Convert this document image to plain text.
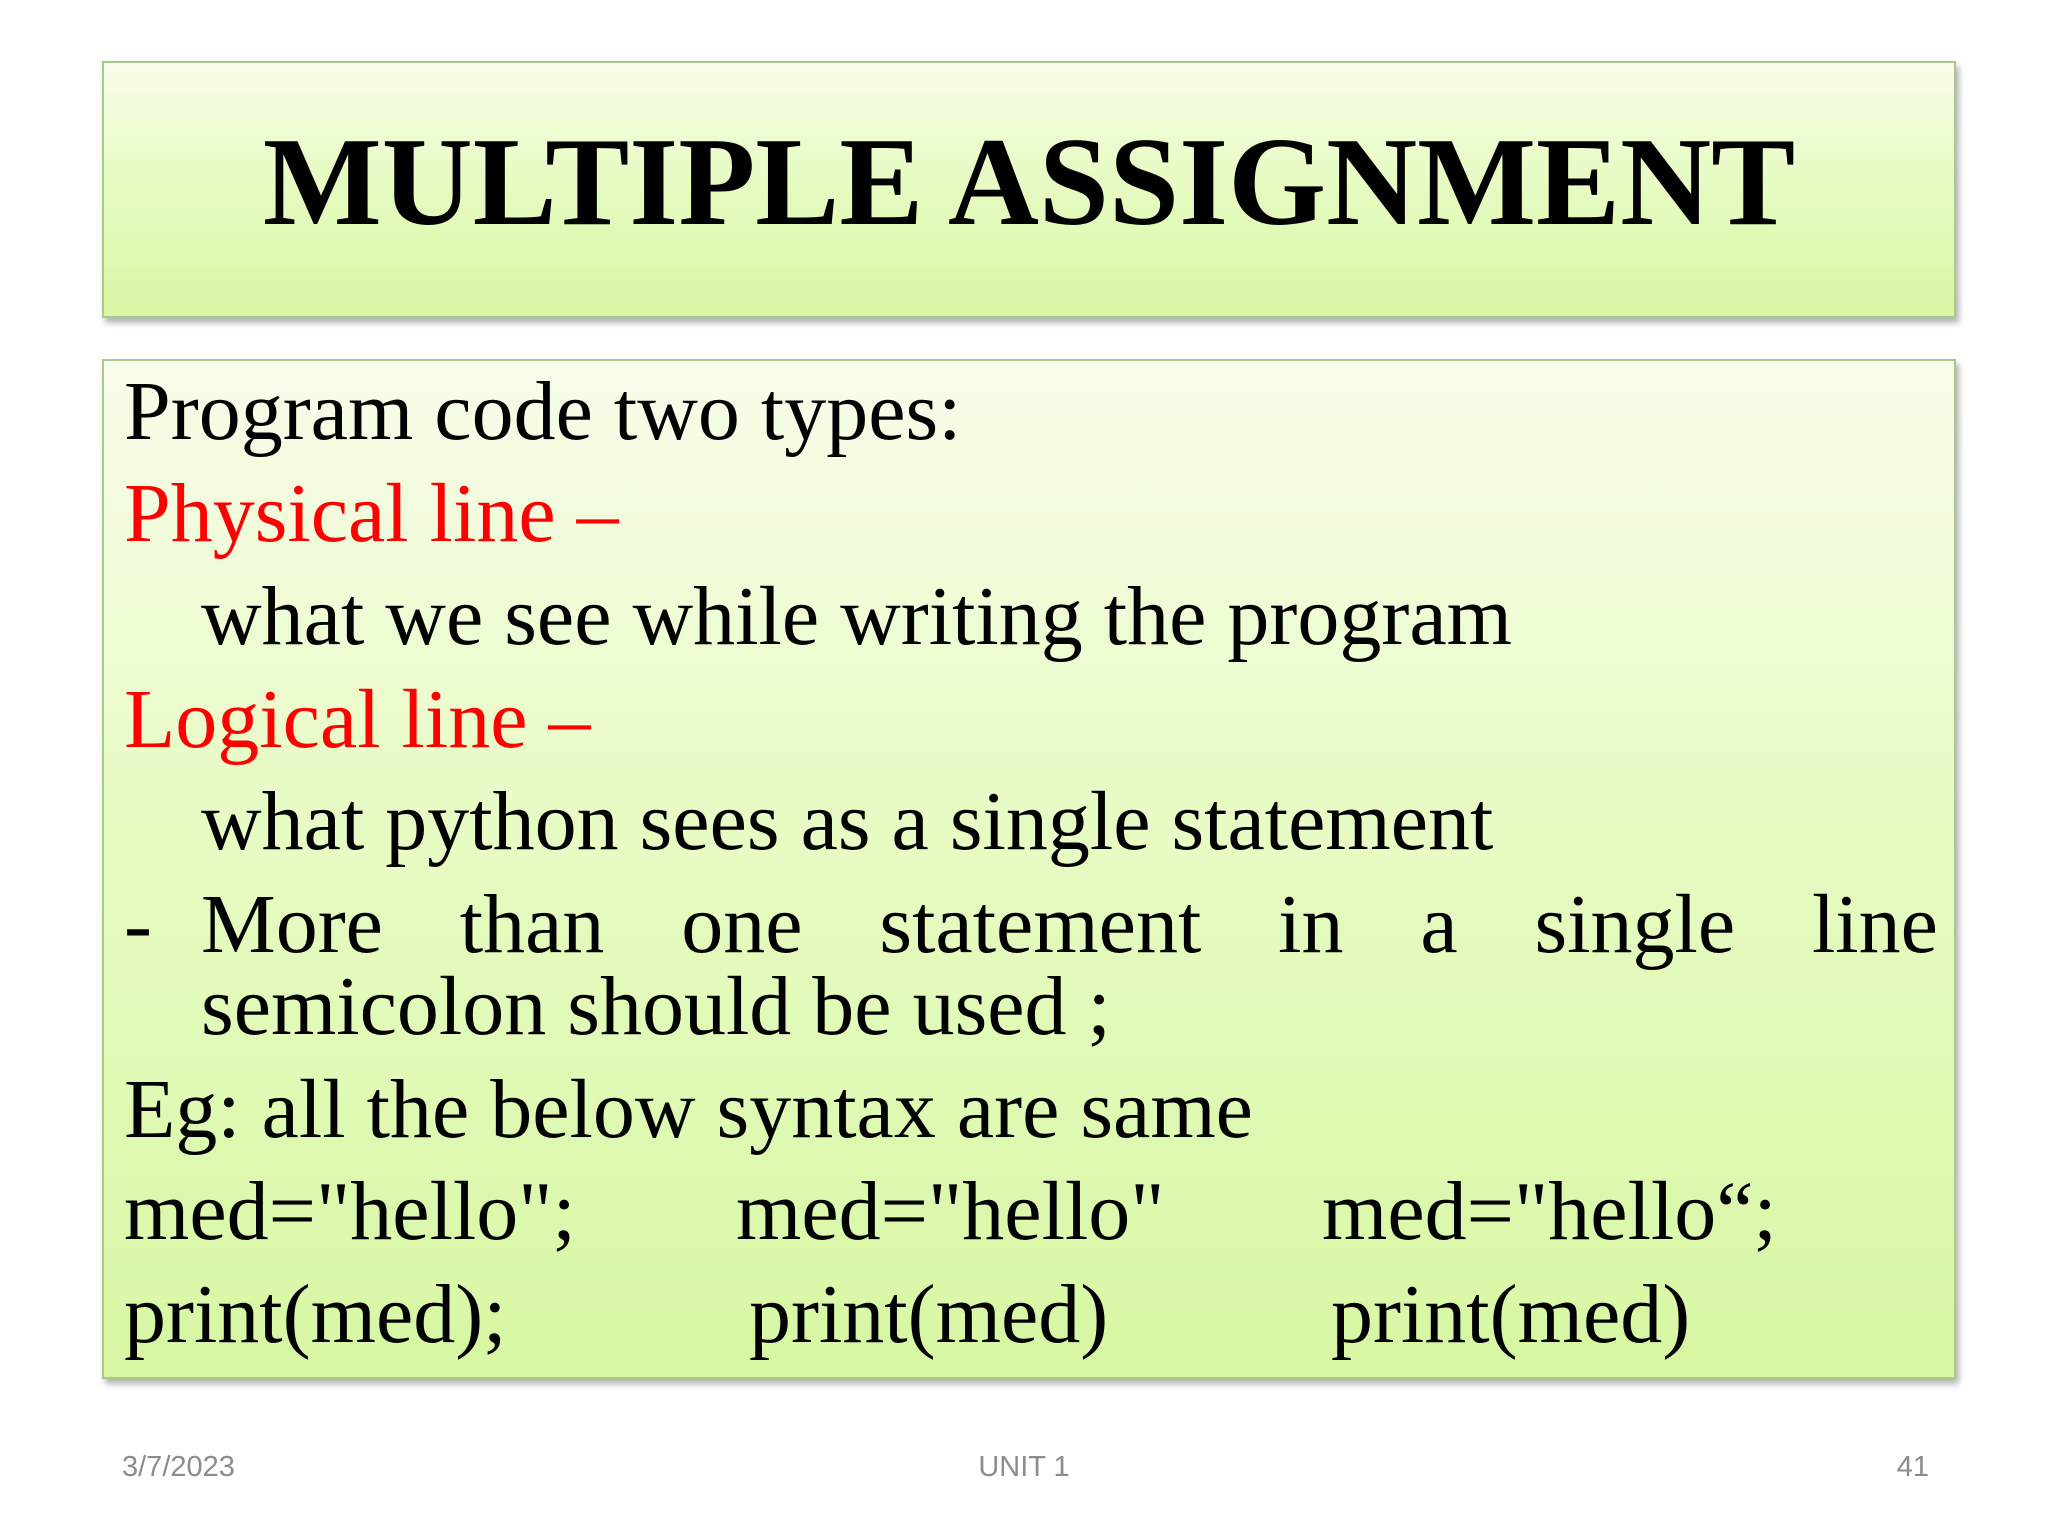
MULTIPLE ASSIGNMENT
Program code two types:
Physical line –
what we see while writing the program
Logical line –
what python sees as a single statement
- More than one statement in a single line
semicolon should be used ;
Eg: all the below syntax are same
med="hello";
print(med);
med="hello"
print(med)
med="hello“;
print(med)
3/7/2023	UNIT 1	41
